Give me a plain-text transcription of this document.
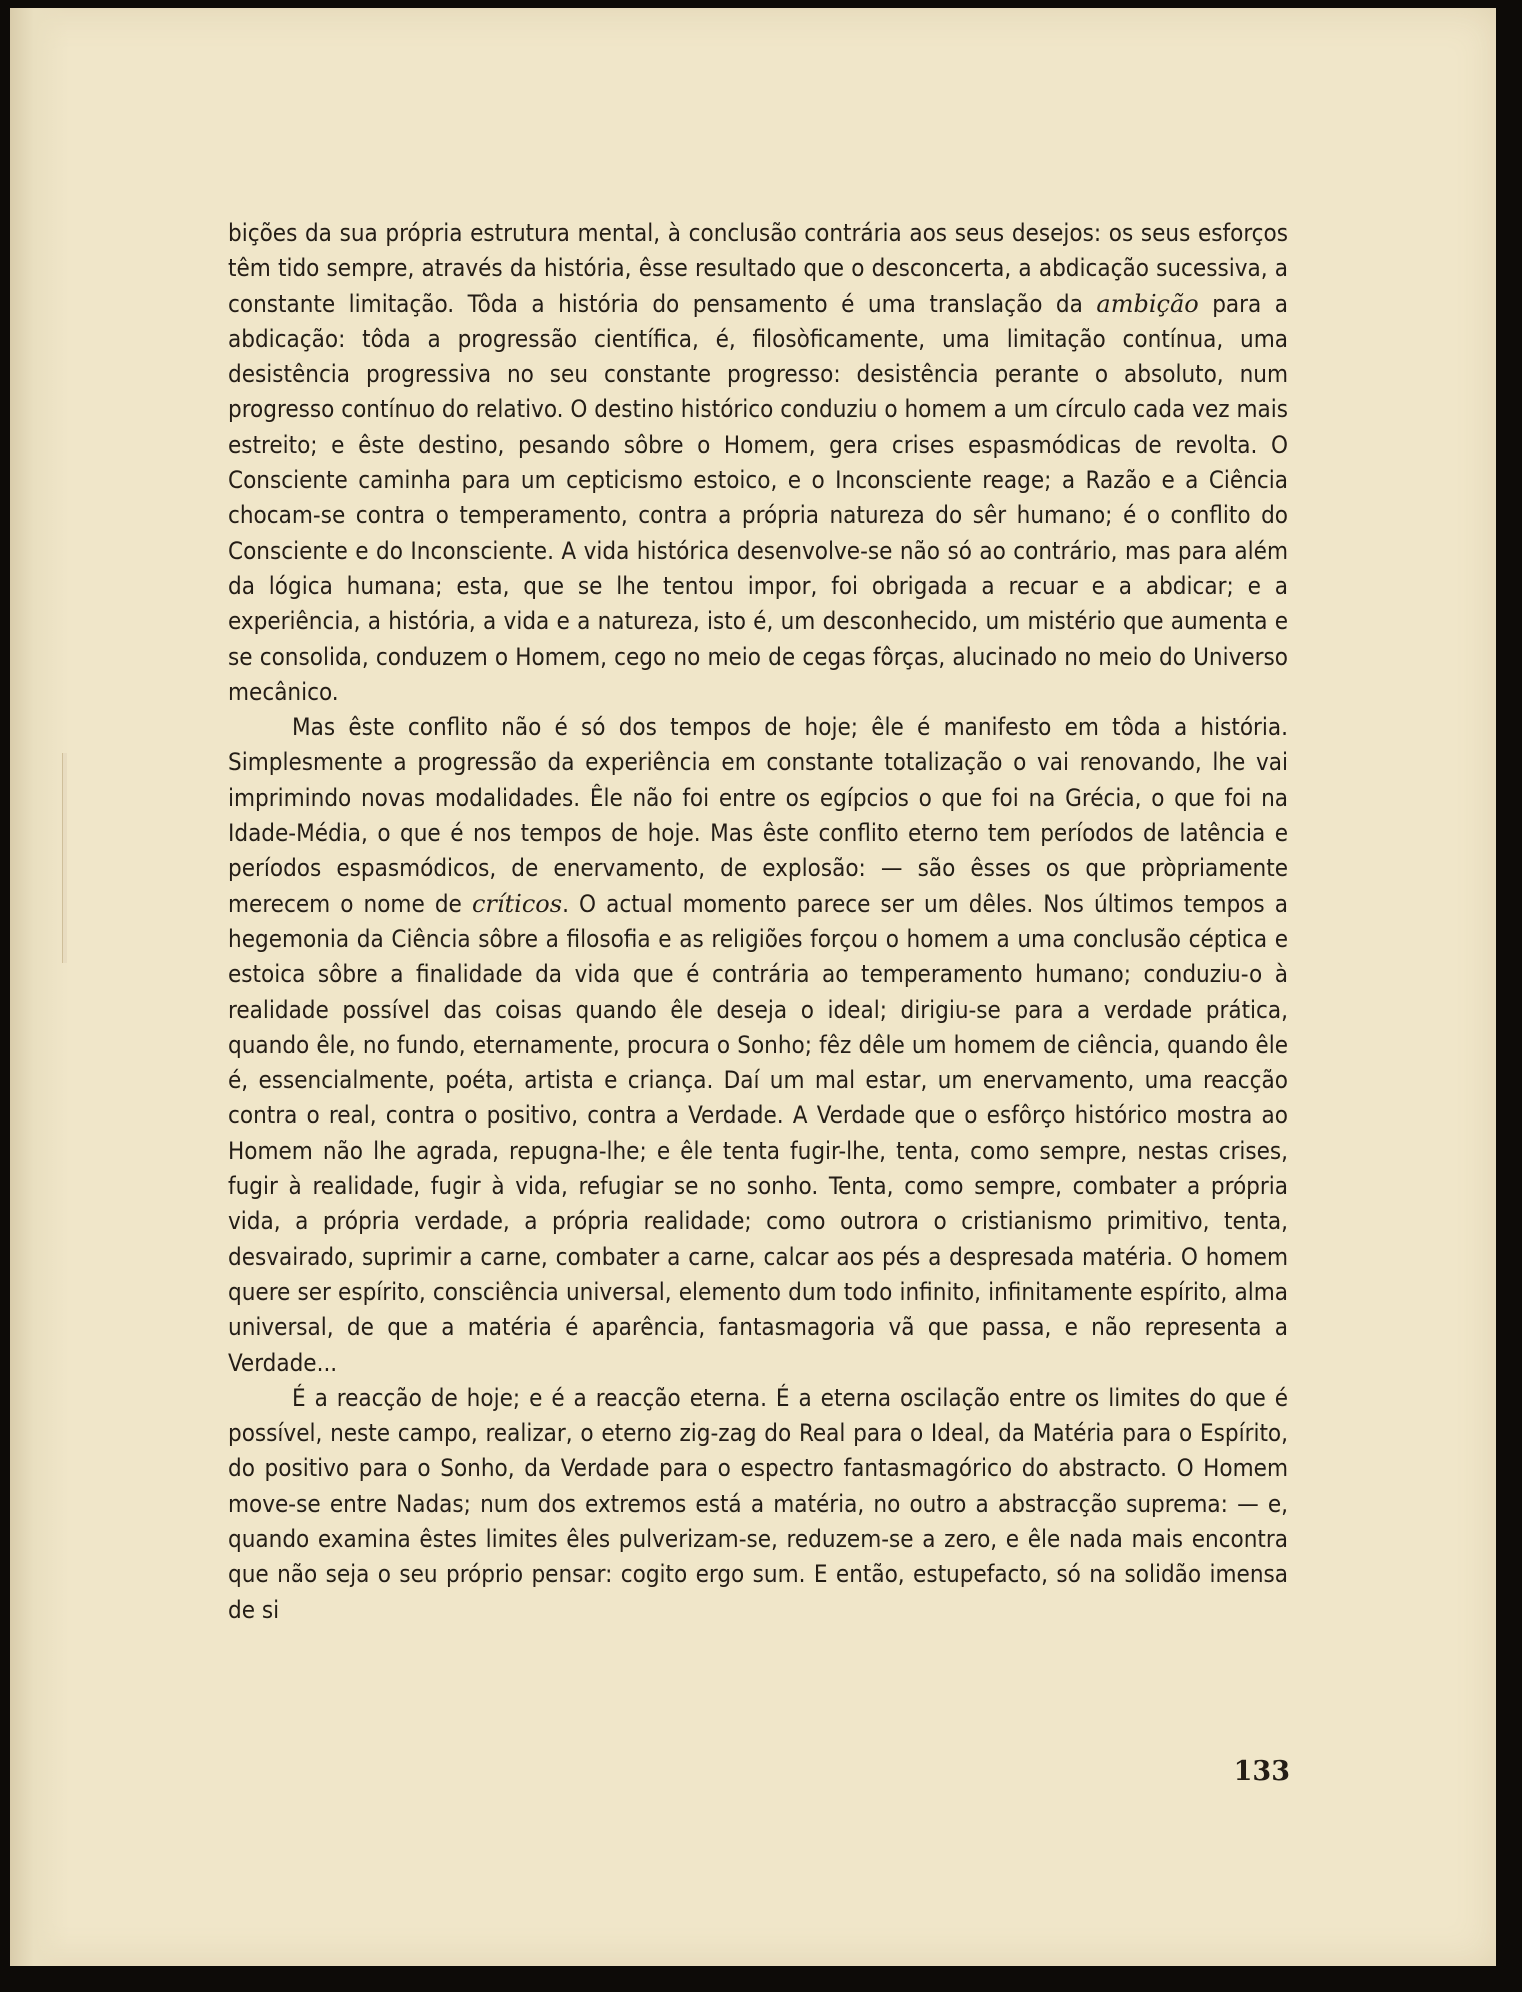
bições da sua própria estrutura mental, à conclusão contrária aos seus desejos: os seus esforços têm tido sempre, através da história, êsse resultado que o desconcerta, a abdicação sucessiva, a constante limitação. Tôda a história do pensamento é uma translação da ambição para a abdicação: tôda a progressão científica, é, filosòficamente, uma limitação contínua, uma desistência progressiva no seu constante progresso: desistência perante o absoluto, num progresso contínuo do relativo. O destino histórico conduziu o homem a um círculo cada vez mais estreito; e êste destino, pesando sôbre o Homem, gera crises espasmódicas de revolta. O Consciente caminha para um cepticismo estoico, e o Inconsciente reage; a Razão e a Ciência chocam-se contra o temperamento, contra a própria natureza do sêr humano; é o conflito do Consciente e do Inconsciente. A vida histórica desenvolve-se não só ao contrário, mas para além da lógica humana; esta, que se lhe tentou impor, foi obrigada a recuar e a abdicar; e a experiência, a história, a vida e a natureza, isto é, um desconhecido, um mistério que aumenta e se consolida, conduzem o Homem, cego no meio de cegas fôrças, alucinado no meio do Universo mecânico.

Mas êste conflito não é só dos tempos de hoje; êle é manifesto em tôda a história. Simplesmente a progressão da experiência em constante totalização o vai renovando, lhe vai imprimindo novas modalidades. Êle não foi entre os egípcios o que foi na Grécia, o que foi na Idade-Média, o que é nos tempos de hoje. Mas êste conflito eterno tem períodos de latência e períodos espasmódicos, de enervamento, de explosão: — são êsses os que pròpriamente merecem o nome de críticos. O actual momento parece ser um dêles. Nos últimos tempos a hegemonia da Ciência sôbre a filosofia e as religiões forçou o homem a uma conclusão céptica e estoica sôbre a finalidade da vida que é contrária ao temperamento humano; conduziu-o à realidade possível das coisas quando êle deseja o ideal; dirigiu-se para a verdade prática, quando êle, no fundo, eternamente, procura o Sonho; fêz dêle um homem de ciência, quando êle é, essencialmente, poéta, artista e criança. Daí um mal estar, um enervamento, uma reacção contra o real, contra o positivo, contra a Verdade. A Verdade que o esfôrço histórico mostra ao Homem não lhe agrada, repugna-lhe; e êle tenta fugir-lhe, tenta, como sempre, nestas crises, fugir à realidade, fugir à vida, refugiar se no sonho. Tenta, como sempre, combater a própria vida, a própria verdade, a própria realidade; como outrora o cristianismo primitivo, tenta, desvairado, suprimir a carne, combater a carne, calcar aos pés a despresada matéria. O homem quere ser espírito, consciência universal, elemento dum todo infinito, infinitamente espírito, alma universal, de que a matéria é aparência, fantasmagoria vã que passa, e não representa a Verdade...

É a reacção de hoje; e é a reacção eterna. É a eterna oscilação entre os limites do que é possível, neste campo, realizar, o eterno zig-zag do Real para o Ideal, da Matéria para o Espírito, do positivo para o Sonho, da Verdade para o espectro fantasmagórico do abstracto. O Homem move-se entre Nadas; num dos extremos está a matéria, no outro a abstracção suprema: — e, quando examina êstes limites êles pulverizam-se, reduzem-se a zero, e êle nada mais encontra que não seja o seu próprio pensar: cogito ergo sum. E então, estupefacto, só na solidão imensa de si

133
